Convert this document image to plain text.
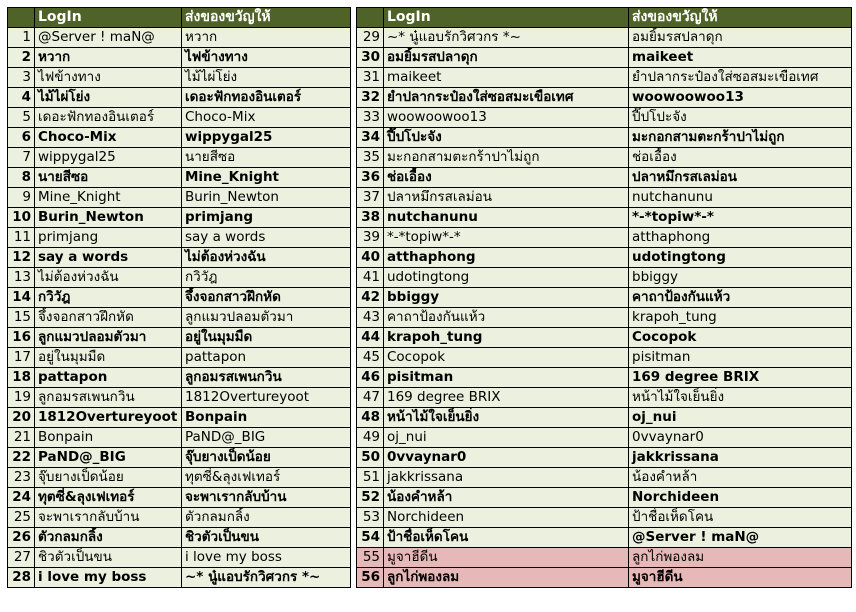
	LogIn	ส่งของขวัญให้
1	@Server ! maN@	หวาก
2	หวาก	ไฟข้างทาง
3	ไฟข้างทาง	ไม้ไผ่โย่ง
4	ไม้ไผ่โย่ง	เดอะฟักทองอินเตอร์
5	เดอะฟักทองอินเตอร์	Choco-Mix
6	Choco-Mix	wippygal25
7	wippygal25	นายสีซอ
8	นายสีซอ	Mine_Knight
9	Mine_Knight	Burin_Newton
10	Burin_Newton	primjang
11	primjang	say a words
12	say a words	ไม่ต้องห่วงฉัน
13	ไม่ต้องห่วงฉัน	กวิวัฎ
14	กวิวัฎ	จึ้งจอกสาวฝึกหัด
15	จึ้งจอกสาวฝึกหัด	ลูกแมวปลอมตัวมา
16	ลูกแมวปลอมตัวมา	อยู่ในมุมมืด
17	อยู่ในมุมมืด	pattapon
18	pattapon	ลูกอมรสเพนกวิน
19	ลูกอมรสเพนกวิน	1812Overtureyoot
20	1812Overtureyoot	Bonpain
21	Bonpain	PaND@_BIG
22	PaND@_BIG	จุ๊บยางเป็ดน้อย
23	จุ๊บยางเป็ดน้อย	ทุตซี่&ลุงเฟเทอร์
24	ทุตซี่&ลุงเฟเทอร์	จะพาเรากลับบ้าน
25	จะพาเรากลับบ้าน	ตัวกลมกลิ้ง
26	ตัวกลมกลิ้ง	ชิวตัวเป็นขน
27	ชิวตัวเป็นขน	i love my boss
28	i love my boss	~* นู๋แอบรักวิศวกร *~
	LogIn	ส่งของขวัญให้
29	~* นู๋แอบรักวิศวกร *~	อมยิ้มรสปลาดุก
30	อมยิ้มรสปลาดุก	maikeet
31	maikeet	ยำปลากระป๋องใส่ซอสมะเขือเทศ
32	ยำปลากระป๋องใส่ซอสมะเขือเทศ	woowoowoo13
33	woowoowoo13	ปี๊ปโปะจัง
34	ปี๊ปโปะจัง	มะกอกสามตะกร้าปาไม่ถูก
35	มะกอกสามตะกร้าปาไม่ถูก	ช่อเอื้อง
36	ช่อเอื้อง	ปลาหมึกรสเลม่อน
37	ปลาหมึกรสเลม่อน	nutchanunu
38	nutchanunu	*-*topiw*-*
39	*-*topiw*-*	atthaphong
40	atthaphong	udotingtong
41	udotingtong	bbiggy
42	bbiggy	คาถาป้องกันแห้ว
43	คาถาป้องกันแห้ว	krapoh_tung
44	krapoh_tung	Cocopok
45	Cocopok	pisitman
46	pisitman	169 degree BRIX
47	169 degree BRIX	หน้าไม้ใจเย็นยิ่ง
48	หน้าไม้ใจเย็นยิ่ง	oj_nui
49	oj_nui	0vvaynar0
50	0vvaynar0	jakkrissana
51	jakkrissana	น้องคำหล้า
52	น้องคำหล้า	Norchideen
53	Norchideen	ป้าชื่อเห็ดโคน
54	ป้าชื่อเห็ดโคน	@Server ! maN@
55	มูจาฮีดีน	ลูกไก่พองลม
56	ลูกไก่พองลม	มูจาฮีดีน
